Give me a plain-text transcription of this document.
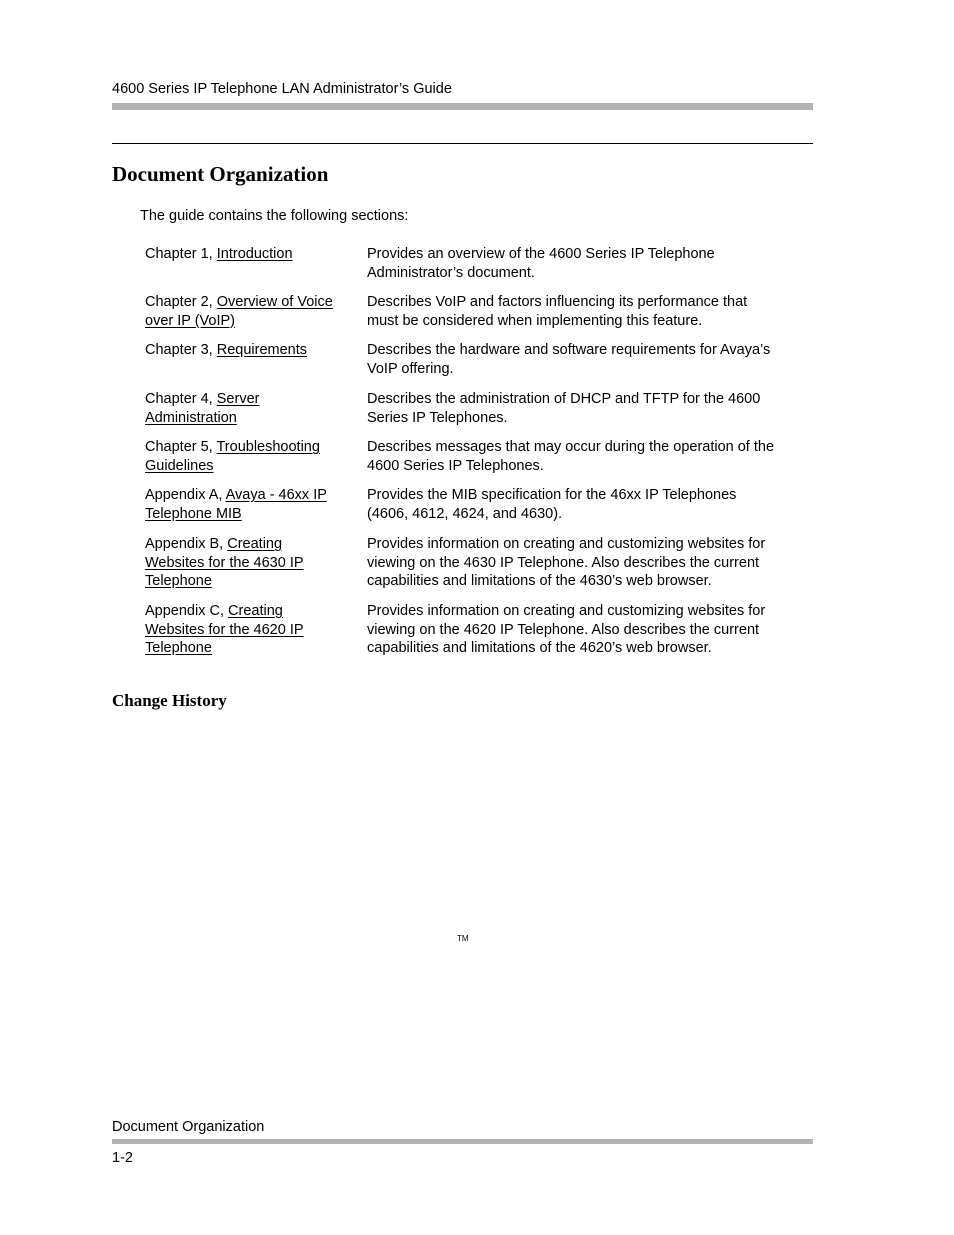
4600 Series IP Telephone LAN Administrator’s Guide
Document Organization
The guide contains the following sections:
Chapter 1, Introduction	Provides an overview of the 4600 Series IP Telephone
Administrator’s document.
Chapter 2, Overview of Voice
over IP (VoIP)
Describes VoIP and factors influencing its performance that
must be considered when implementing this feature.
Chapter 3, Requirements	Describes the hardware and software requirements for Avaya’s
VoIP offering.
Chapter 4, Server
Administration
Describes the administration of DHCP and TFTP for the 4600
Series IP Telephones.
Chapter 5, Troubleshooting
Guidelines
Describes messages that may occur during the operation of the
4600 Series IP Telephones.
Appendix A, Avaya - 46xx IP
Telephone MIB
Provides the MIB specification for the 46xx IP Telephones
(4606, 4612, 4624, and 4630).
Appendix B, Creating
Websites for the 4630 IP
Telephone
Provides information on creating and customizing websites for
viewing on the 4630 IP Telephone. Also describes the current
capabilities and limitations of the 4630’s web browser.
Appendix C, Creating
Websites for the 4620 IP
Telephone
Provides information on creating and customizing websites for
viewing on the 4620 IP Telephone. Also describes the current
capabilities and limitations of the 4620’s web browser.
Change History
TM
Document Organization
1-2
